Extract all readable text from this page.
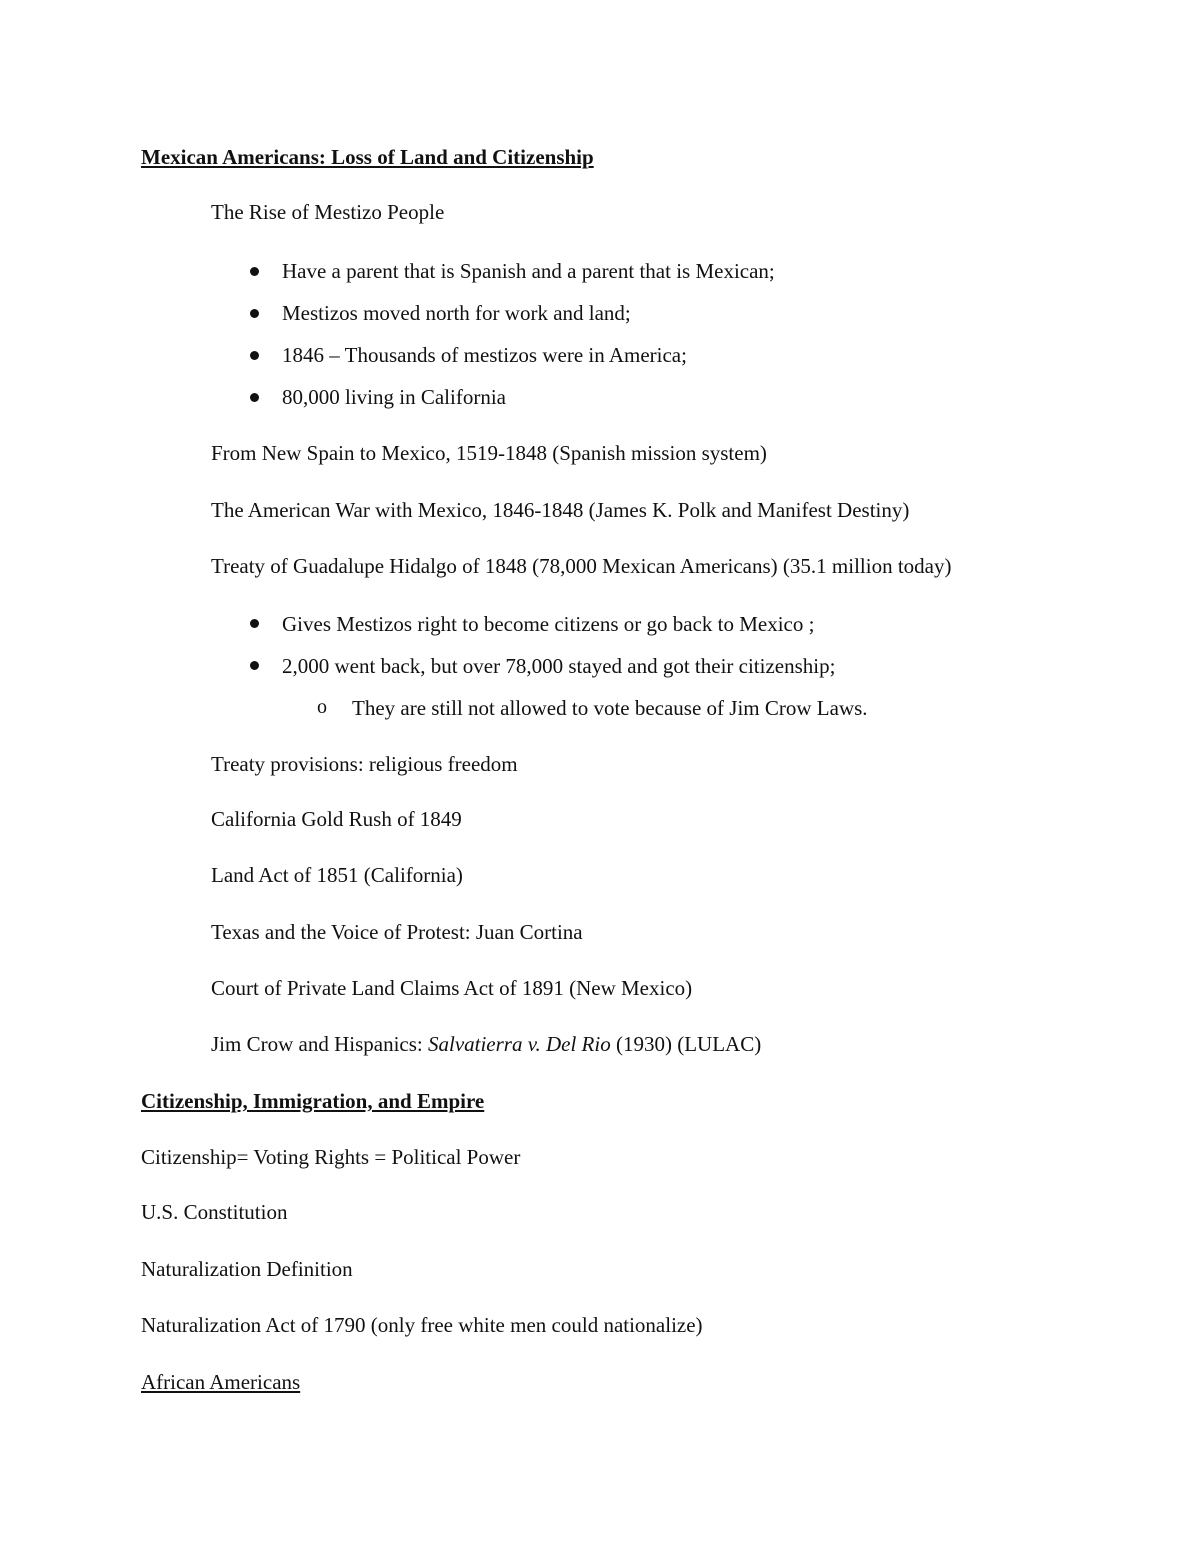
Mexican Americans: Loss of Land and Citizenship
The Rise of Mestizo People
Have a parent that is Spanish and a parent that is Mexican;
Mestizos moved north for work and land;
1846 – Thousands of mestizos were in America;
80,000 living in California
From New Spain to Mexico, 1519-1848 (Spanish mission system)
The American War with Mexico, 1846-1848 (James K. Polk and Manifest Destiny)
Treaty of Guadalupe Hidalgo of 1848 (78,000 Mexican Americans) (35.1 million today)
Gives Mestizos right to become citizens or go back to Mexico ;
2,000 went back, but over 78,000 stayed and got their citizenship;
o They are still not allowed to vote because of Jim Crow Laws.
Treaty provisions: religious freedom
California Gold Rush of 1849
Land Act of 1851 (California)
Texas and the Voice of Protest: Juan Cortina
Court of Private Land Claims Act of 1891 (New Mexico)
Jim Crow and Hispanics: Salvatierra v. Del Rio (1930) (LULAC)
Citizenship, Immigration, and Empire
Citizenship= Voting Rights = Political Power
U.S. Constitution
Naturalization Definition
Naturalization Act of 1790 (only free white men could nationalize)
African Americans
